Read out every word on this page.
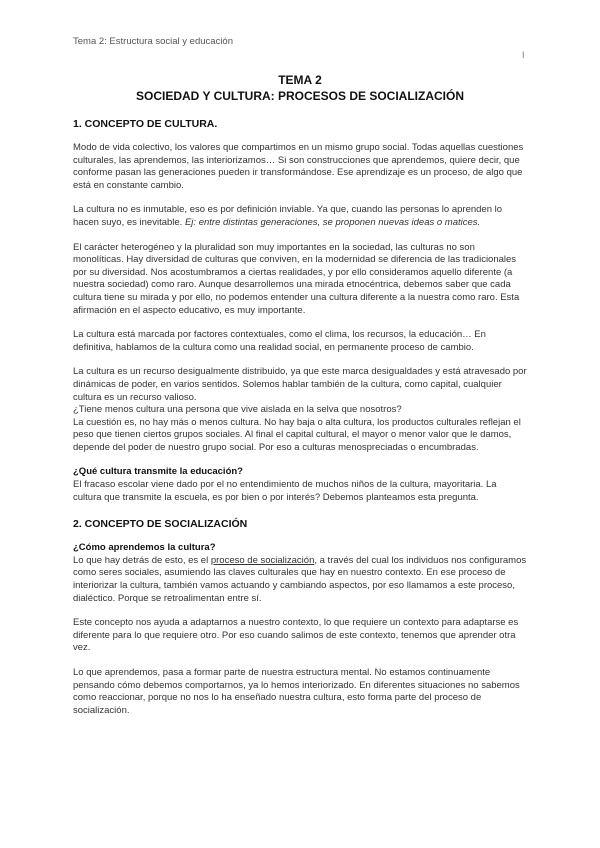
Tema 2: Estructura social y educación
I

TEMA 2

SOCIEDAD Y CULTURA: PROCESOS DE SOCIALIZACIÓN

1. CONCEPTO DE CULTURA.

Modo de vida colectivo, los valores que compartimos en un mismo grupo social. Todas aquellas cuestiones culturales, las aprendemos, las interiorizamos… Si son construcciones que aprendemos, quiere decir, que conforme pasan las generaciones pueden ir transformándose. Ese aprendizaje es un proceso, de algo que está en constante cambio.

La cultura no es inmutable, eso es por definición inviable. Ya que, cuando las personas lo aprenden lo hacen suyo, es inevitable. Ej: entre distintas generaciones, se proponen nuevas ideas o matices.

El carácter heterogéneo y la pluralidad son muy importantes en la sociedad, las culturas no son monolíticas. Hay diversidad de culturas que conviven, en la modernidad se diferencia de las tradicionales por su diversidad. Nos acostumbramos a ciertas realidades, y por ello consideramos aquello diferente (a nuestra sociedad) como raro. Aunque desarrollemos una mirada etnocéntrica, debemos saber que cada cultura tiene su mirada y por ello, no podemos entender una cultura diferente a la nuestra como raro. Esta afirmación en el aspecto educativo, es muy importante.

La cultura está marcada por factores contextuales, como el clima, los recursos, la educación… En definitiva, hablamos de la cultura como una realidad social, en permanente proceso de cambio.

La cultura es un recurso desigualmente distribuido, ya que este marca desigualdades y está atravesado por dinámicas de poder, en varios sentidos. Solemos hablar también de la cultura, como capital, cualquier cultura es un recurso valioso.
¿Tiene menos cultura una persona que vive aislada en la selva que nosotros?
La cuestión es, no hay más o menos cultura. No hay baja o alta cultura, los productos culturales reflejan el peso que tienen ciertos grupos sociales. Al final el capital cultural, el mayor o menor valor que le damos, depende del poder de nuestro grupo social. Por eso a culturas menospreciadas o encumbradas.

¿Qué cultura transmite la educación?

El fracaso escolar viene dado por el no entendimiento de muchos niños de la cultura, mayoritaria. La cultura que transmite la escuela, es por bien o por interés? Debemos planteamos esta pregunta.

2. CONCEPTO DE SOCIALIZACIÓN

¿Cómo aprendemos la cultura?

Lo que hay detrás de esto, es el proceso de socialización, a través del cual los individuos nos configuramos como seres sociales, asumiendo las claves culturales que hay en nuestro contexto. En ese proceso de interiorizar la cultura, también vamos actuando y cambiando aspectos, por eso llamamos a este proceso, dialéctico. Porque se retroalimentan entre sí.

Este concepto nos ayuda a adaptarnos a nuestro contexto, lo que requiere un contexto para adaptarse es diferente para lo que requiere otro. Por eso cuando salimos de este contexto, tenemos que aprender otra vez.

Lo que aprendemos, pasa a formar parte de nuestra estructura mental. No estamos continuamente pensando cómo debemos comportarnos, ya lo hemos interiorizado. En diferentes situaciones no sabemos como reaccionar, porque no nos lo ha enseñado nuestra cultura, esto forma parte del proceso de socialización.
